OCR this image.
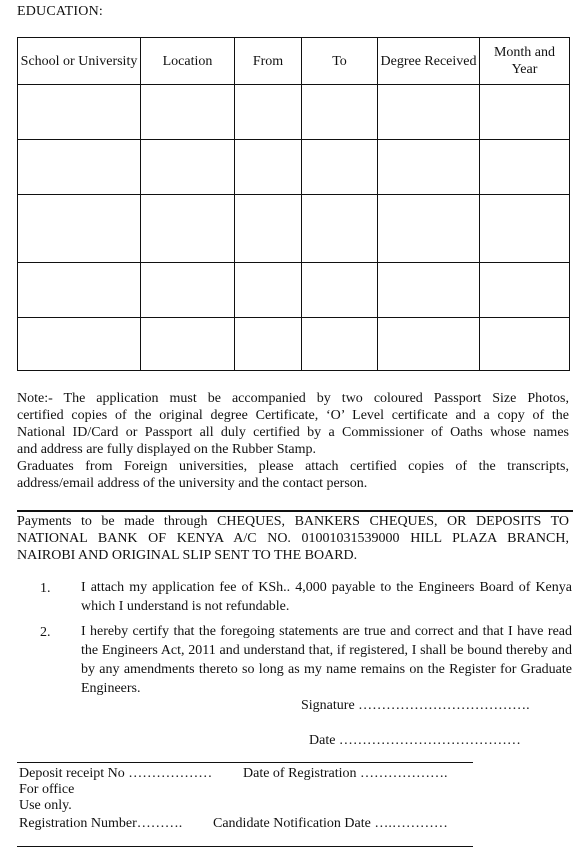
EDUCATION:
School or University	Location	From	To	Degree Received	Month and Year

Note:- The application must be accompanied by two coloured Passport Size Photos,
certified copies of the original degree Certificate, ‘O’ Level certificate and a copy of the
National ID/Card or Passport all duly certified by a Commissioner of Oaths whose names
and address are fully displayed on the Rubber Stamp.
Graduates from Foreign universities, please attach certified copies of the transcripts,
address/email address of the university and the contact person.
Payments to be made through CHEQUES, BANKERS CHEQUES, OR DEPOSITS TO
NATIONAL BANK OF KENYA A/C NO. 01001031539000 HILL PLAZA BRANCH,
NAIROBI AND ORIGINAL SLIP SENT TO THE BOARD.
1. I attach my application fee of KSh.. 4,000 payable to the Engineers Board of Kenya which I understand is not refundable.
2. I hereby certify that the foregoing statements are true and correct and that I have read the Engineers Act, 2011 and understand that, if registered, I shall be bound thereby and by any amendments thereto so long as my name remains on the Register for Graduate Engineers.
Signature ……………………………….
Date …………………………………
Deposit receipt No ……………… Date of Registration ……………….
For office
Use only.
Registration Number………. Candidate Notification Date ….…………
